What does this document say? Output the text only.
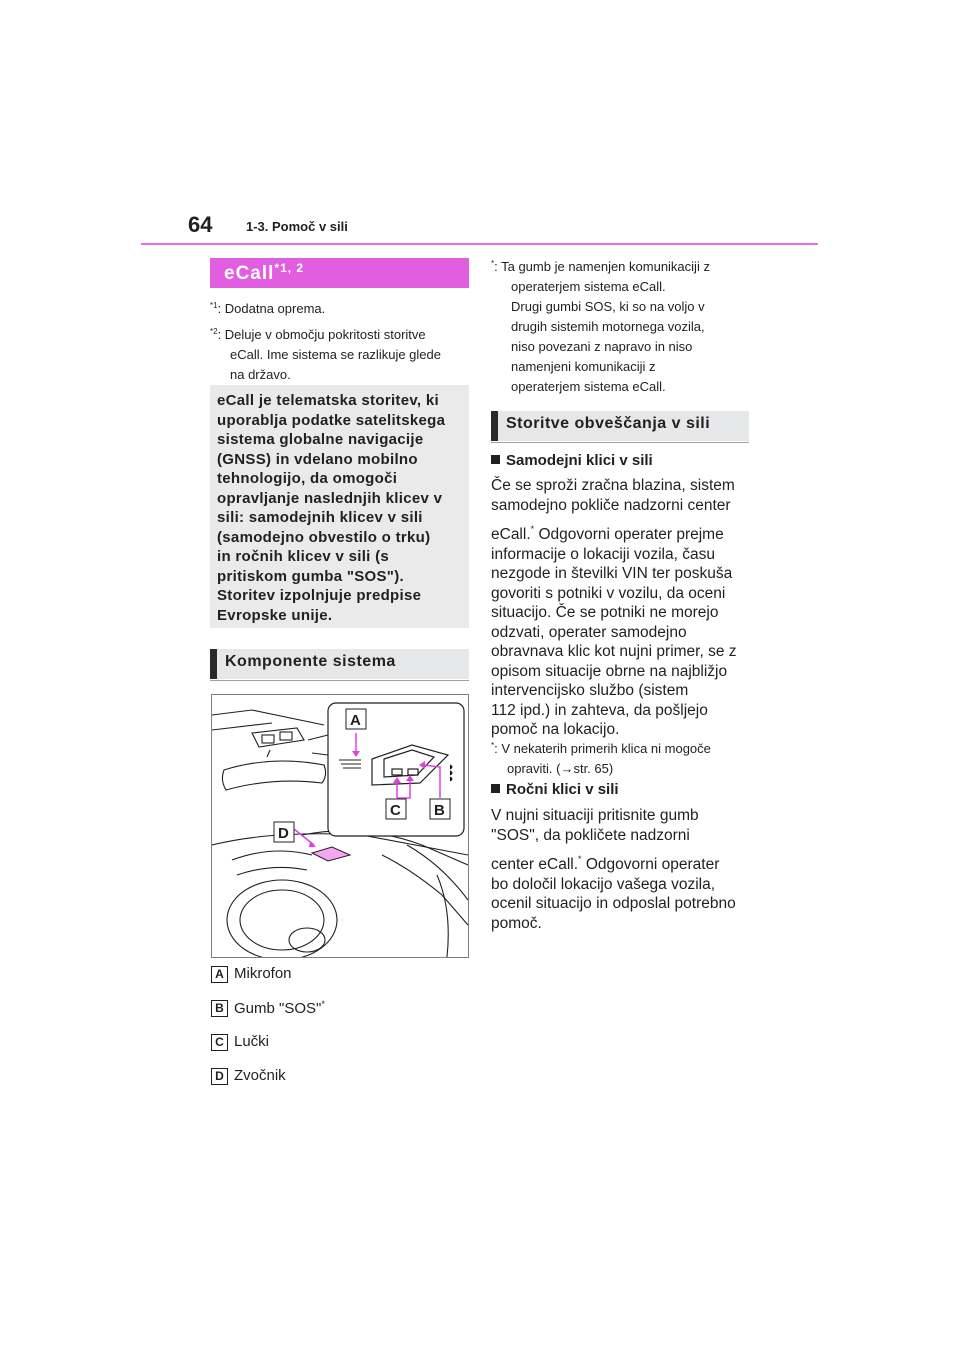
64	1-3. Pomoč v sili
eCall$^{*1, 2}$
$^{*1}$: Dodatna oprema.
$^{*2}$: Deluje v območju pokritosti storitve
eCall. Ime sistema se razlikuje glede
na državo.

eCall je telematska storitev, ki
uporablja podatke satelitskega
sistema globalne navigacije
(GNSS) in vdelano mobilno
tehnologijo, da omogoči
opravljanje naslednjih klicev v
sili: samodejnih klicev v sili
(samodejno obvestilo o trku)
in ročnih klicev v sili (s
pritiskom gumba "SOS").
Storitev izpolnjuje predpise
Evropske unije.

Komponente sistema
A
C B
D
A Mikrofon
B Gumb "SOS"*
C Lučki
D Zvočnik
*: Ta gumb je namenjen komunikaciji z
operaterjem sistema eCall.
Drugi gumbi SOS, ki so na voljo v
drugih sistemih motornega vozila,
niso povezani z napravo in niso
namenjeni komunikaciji z
operaterjem sistema eCall.
Storitve obveščanja v sili
Samodejni klici v sili
Če se sproži zračna blazina, sistem
samodejno pokliče nadzorni center
eCall.* Odgovorni operater prejme
informacije o lokaciji vozila, času
nezgode in številki VIN ter poskuša
govoriti s potniki v vozilu, da oceni
situacijo. Če se potniki ne morejo
odzvati, operater samodejno
obravnava klic kot nujni primer, se z
opisom situacije obrne na najbližjo
intervencijsko službo (sistem
112 ipd.) in zahteva, da pošljejo
pomoč na lokacijo.
*: V nekaterih primerih klica ni mogoče
opraviti. (→str. 65)
Ročni klici v sili
V nujni situaciji pritisnite gumb
"SOS", da pokličete nadzorni
center eCall.* Odgovorni operater
bo določil lokacijo vašega vozila,
ocenil situacijo in odposlal potrebno
pomoč.
